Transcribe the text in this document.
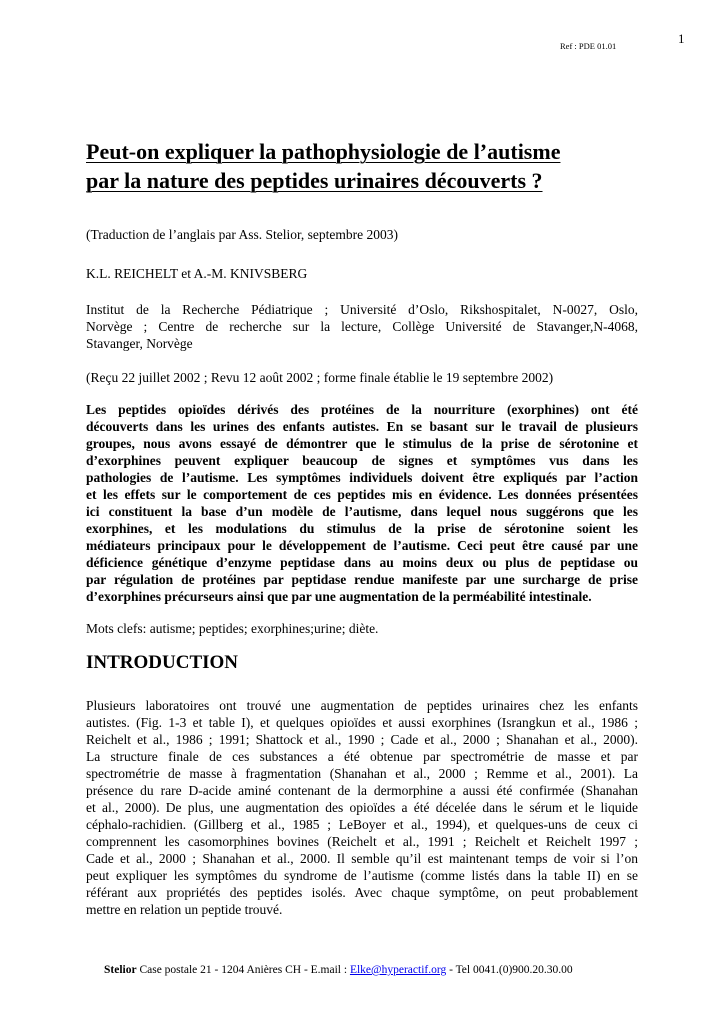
Ref : PDE 01.01	1
Peut-on expliquer la pathophysiologie de l’autisme
par la nature des peptides urinaires découverts ?
(Traduction de l’anglais par Ass. Stelior, septembre 2003)
K.L. REICHELT et A.-M. KNIVSBERG
Institut de la Recherche Pédiatrique ; Université d’Oslo, Rikshospitalet, N-0027, Oslo,
Norvège ; Centre de recherche sur la lecture, Collège Université de Stavanger,N-4068,
Stavanger, Norvège
(Reçu 22 juillet 2002 ; Revu 12 août 2002 ; forme finale établie le 19 septembre 2002)
Les peptides opioïdes dérivés des protéines de la nourriture (exorphines) ont été
découverts dans les urines des enfants autistes. En se basant sur le travail de plusieurs
groupes, nous avons essayé de démontrer que le stimulus de la prise de sérotonine et
d’exorphines peuvent expliquer beaucoup de signes et symptômes vus dans les
pathologies de l’autisme. Les symptômes individuels doivent être expliqués par l’action
et les effets sur le comportement de ces peptides mis en évidence. Les données présentées
ici constituent la base d’un modèle de l’autisme, dans lequel nous suggérons que les
exorphines, et les modulations du stimulus de la prise de sérotonine soient les
médiateurs principaux pour le développement de l’autisme. Ceci peut être causé par une
déficience génétique d’enzyme peptidase dans au moins deux ou plus de peptidase ou
par régulation de protéines par peptidase rendue manifeste par une surcharge de prise
d’exorphines précurseurs ainsi que par une augmentation de la perméabilité intestinale.
Mots clefs: autisme; peptides; exorphines;urine; diète.
INTRODUCTION
Plusieurs laboratoires ont trouvé une augmentation de peptides urinaires chez les enfants
autistes. (Fig. 1-3 et table I), et quelques opioïdes et aussi exorphines (Israngkun et al., 1986 ;
Reichelt et al., 1986 ; 1991; Shattock et al., 1990 ; Cade et al., 2000 ; Shanahan et al., 2000).
La structure finale de ces substances a été obtenue par spectrométrie de masse et par
spectrométrie de masse à fragmentation (Shanahan et al., 2000 ; Remme et al., 2001). La
présence du rare D-acide aminé contenant de la dermorphine a aussi été confirmée (Shanahan
et al., 2000). De plus, une augmentation des opioïdes a été décelée dans le sérum et le liquide
céphalo-rachidien. (Gillberg et al., 1985 ; LeBoyer et al., 1994), et quelques-uns de ceux ci
comprennent les casomorphines bovines (Reichelt et al., 1991 ; Reichelt et Reichelt 1997 ;
Cade et al., 2000 ; Shanahan et al., 2000. Il semble qu’il est maintenant temps de voir si l’on
peut expliquer les symptômes du syndrome de l’autisme (comme listés dans la table II) en se
référant aux propriétés des peptides isolés. Avec chaque symptôme, on peut probablement
mettre en relation un peptide trouvé.
Stelior Case postale 21 - 1204 Anières CH - E.mail : Elke@hyperactif.org - Tel 0041.(0)900.20.30.00
